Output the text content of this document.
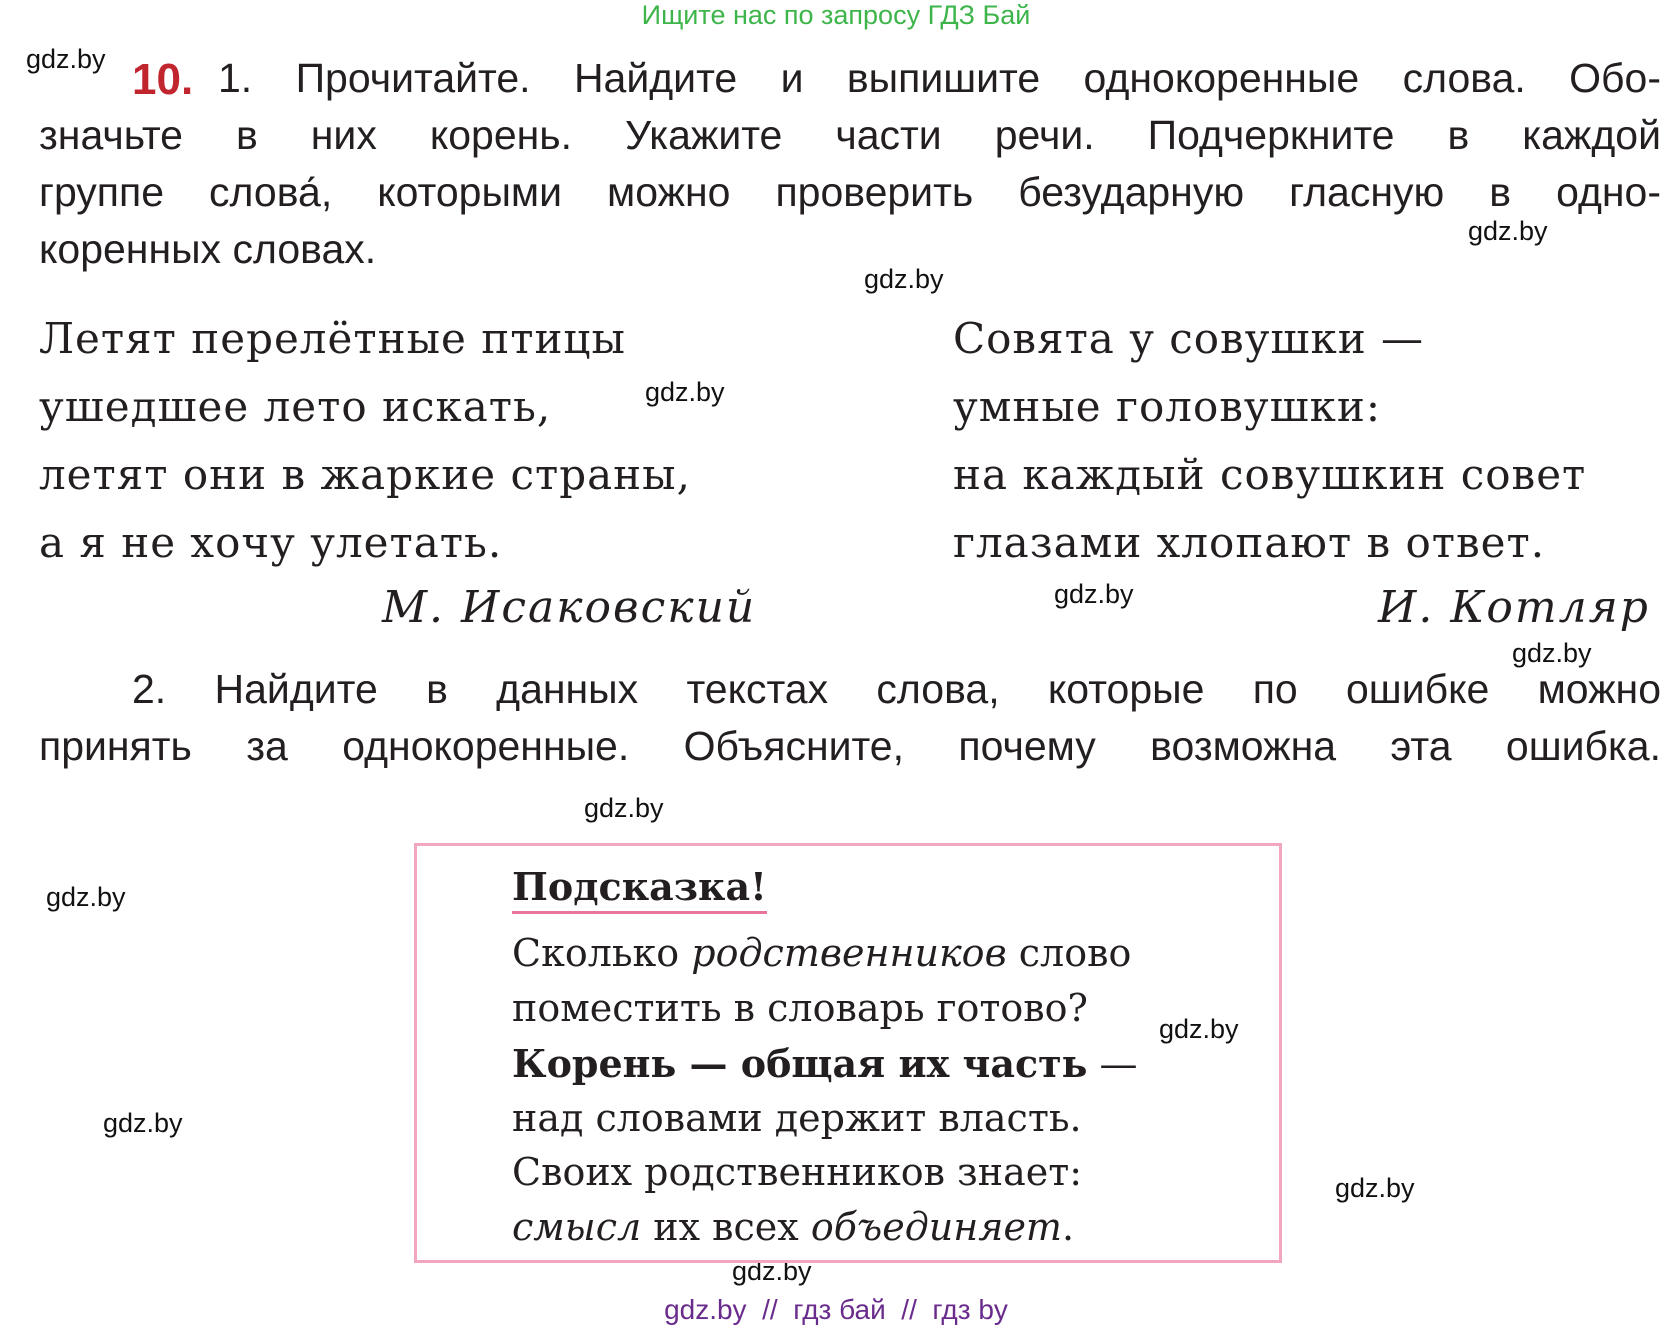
Ищите нас по запросу ГДЗ Бай
gdz.by
gdz.by
gdz.by
gdz.by
gdz.by
gdz.by
gdz.by
gdz.by
gdz.by
gdz.by
gdz.by
gdz.by
10. 1. Прочитайте. Найдите и выпишите однокоренные слова. Обо-
значьте в них корень. Укажите части речи. Подчеркните в каждой
группе слова́, которыми можно проверить безударную гласную в одно-
коренных словах.
Летят перелётные птицы
ушедшее лето искать,
летят они в жаркие страны,
а я не хочу улетать.
М. Исаковский
Совята у совушки —
умные головушки:
на каждый совушкин совет
глазами хлопают в ответ.
И. Котляр
2. Найдите в данных текстах слова, которые по ошибке можно
принять за однокоренные. Объясните, почему возможна эта ошибка.
Подсказка!
Сколько родственников слово
поместить в словарь готово?
Корень — общая их часть —
над словами держит власть.
Своих родственников знает:
смысл их всех объединяет.
gdz.by  //  гдз бай  //  гдз by
